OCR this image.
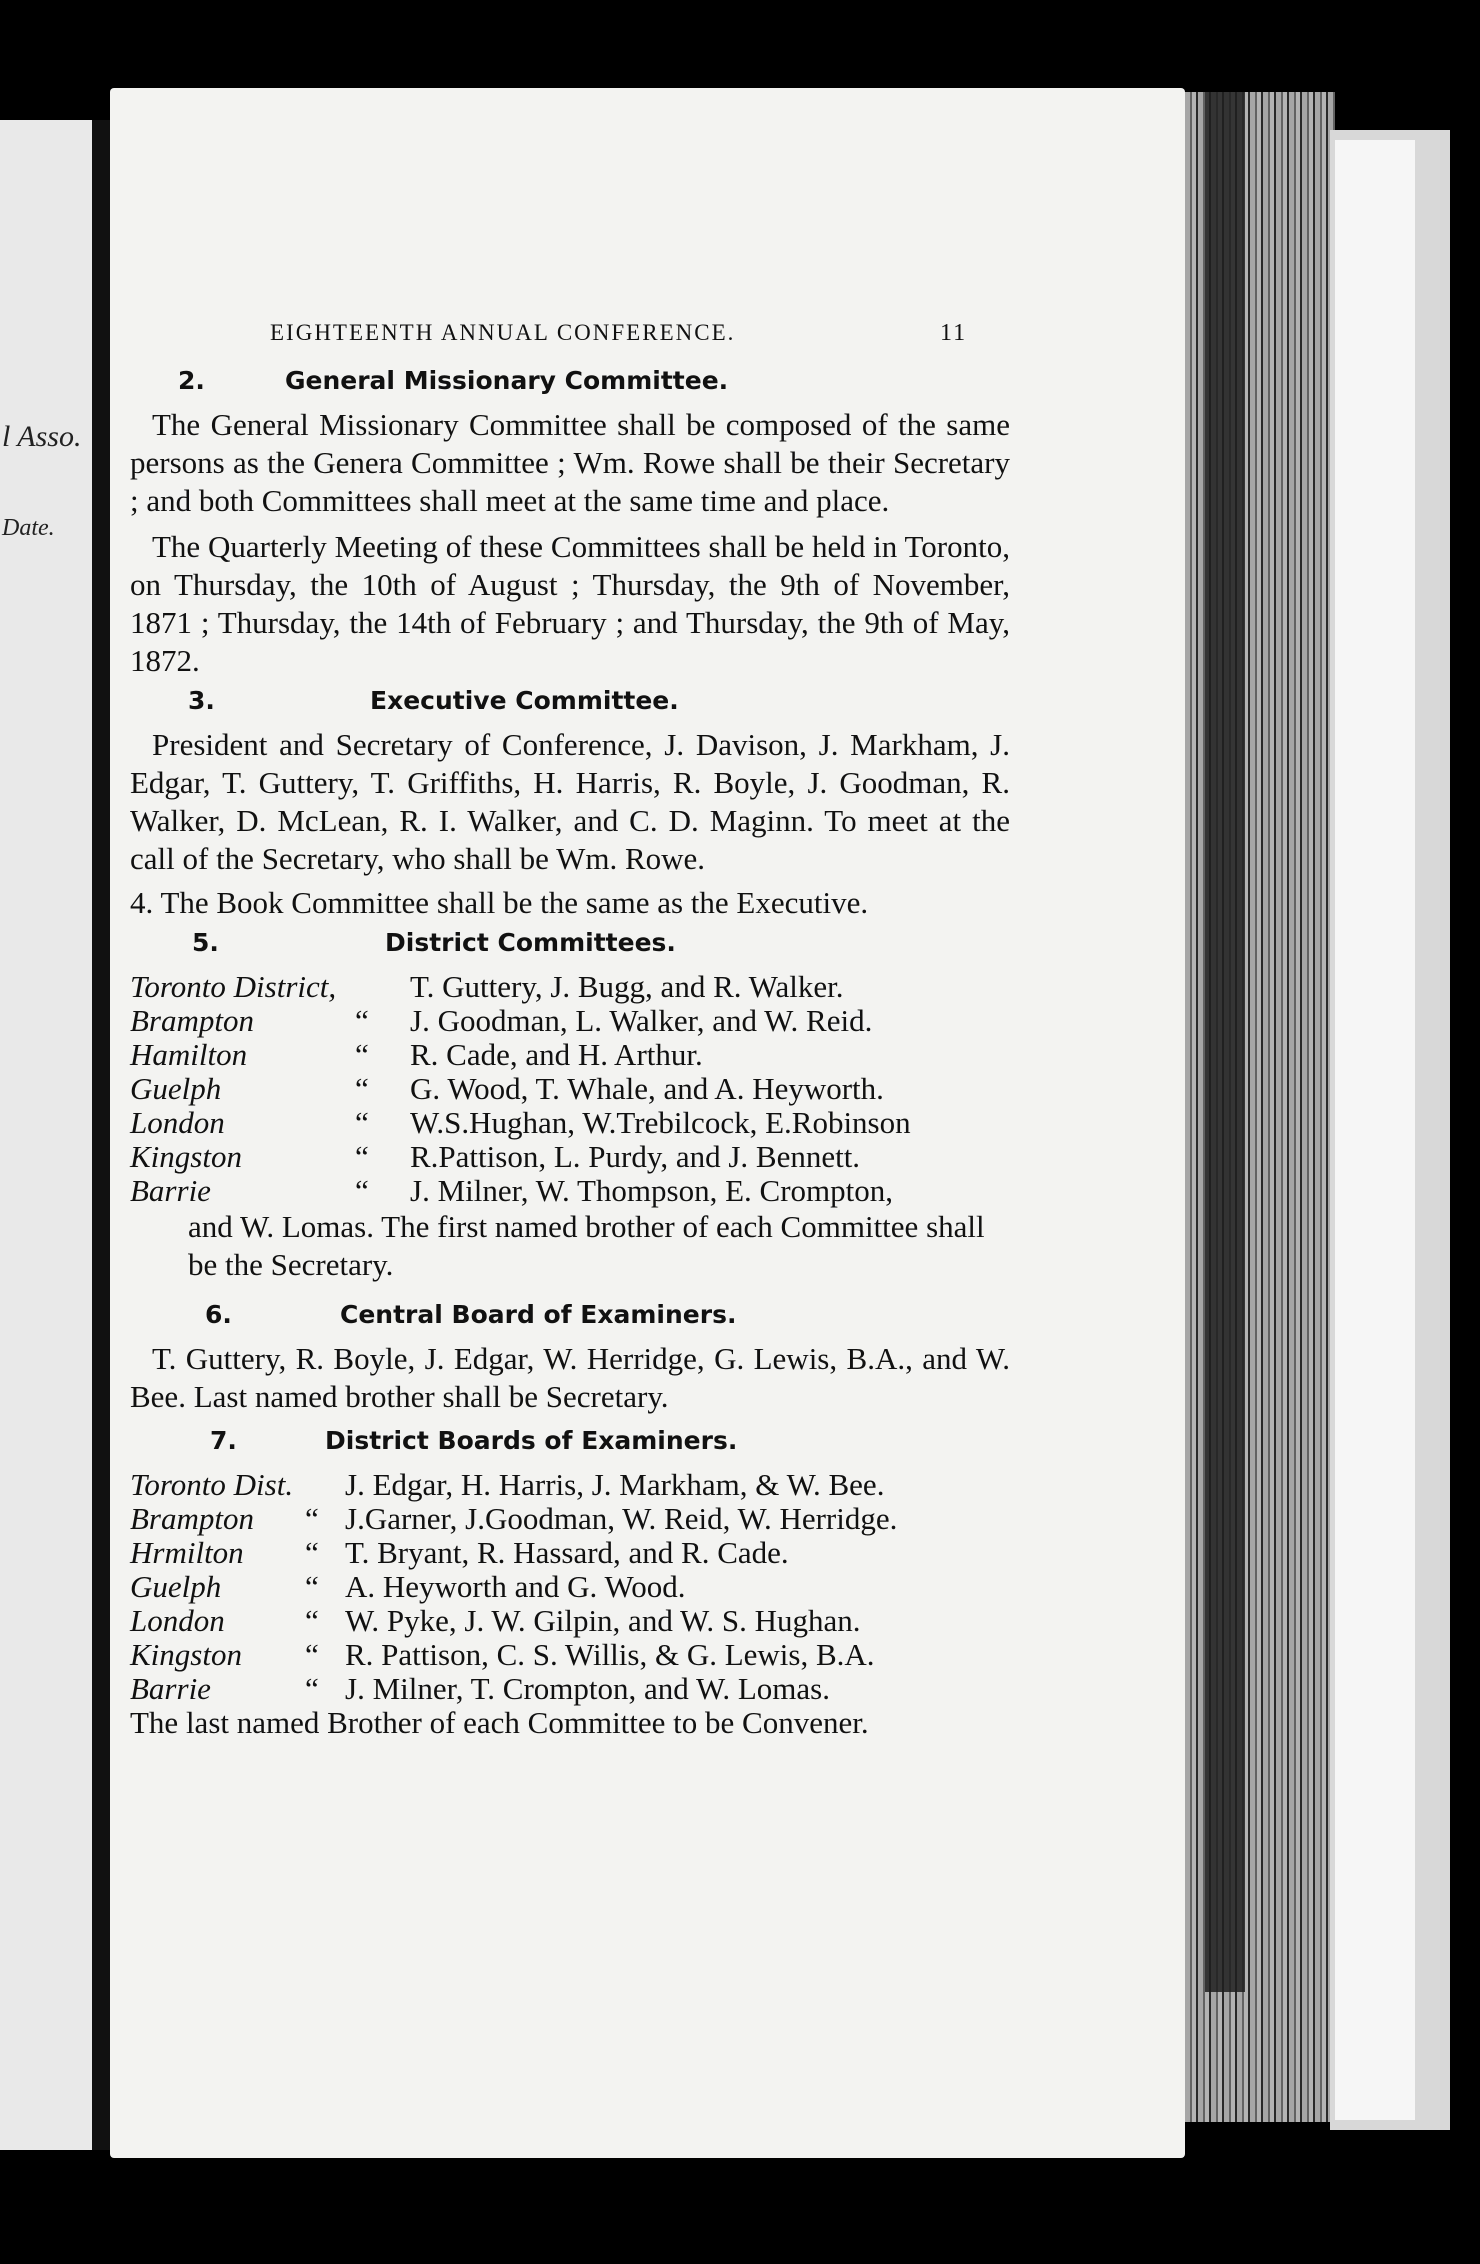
l Asso.
Date.
EIGHTEENTH ANNUAL CONFERENCE.	11
2.	General Missionary Committee.

The General Missionary Committee shall be composed of the same persons as the Genera Committee ; Wm. Rowe shall be their Secretary ; and both Committees shall meet at the same time and place.

The Quarterly Meeting of these Committees shall be held in Toronto, on Thursday, the 10th of August ; Thursday, the 9th of November, 1871 ; Thursday, the 14th of February ; and Thursday, the 9th of May, 1872.

3.	Executive Committee.

President and Secretary of Conference, J. Davison, J. Markham, J. Edgar, T. Guttery, T. Griffiths, H. Harris, R. Boyle, J. Goodman, R. Walker, D. McLean, R. I. Walker, and C. D. Maginn. To meet at the call of the Secretary, who shall be Wm. Rowe.

4. The Book Committee shall be the same as the Executive.

5.	District Committees.
Toronto District,	T. Guttery, J. Bugg, and R. Walker.
Brampton	“	J. Goodman, L. Walker, and W. Reid.
Hamilton	“	R. Cade, and H. Arthur.
Guelph	“	G. Wood, T. Whale, and A. Heyworth.
London	“	W.S.Hughan, W.Trebilcock, E.Robinson
Kingston	“	R.Pattison, L. Purdy, and J. Bennett.
Barrie	“	J. Milner, W. Thompson, E. Crompton,
and W. Lomas. The first named brother of each Committee shall be the Secretary.
6.	Central Board of Examiners.

T. Guttery, R. Boyle, J. Edgar, W. Herridge, G. Lewis, B.A., and W. Bee. Last named brother shall be Secretary.

7.	District Boards of Examiners.
Toronto Dist.	J. Edgar, H. Harris, J. Markham, & W. Bee.
Brampton	“ J.Garner, J.Goodman, W. Reid, W. Herridge.
Hrmilton	“ T. Bryant, R. Hassard, and R. Cade.
Guelph	“ A. Heyworth and G. Wood.
London	“ W. Pyke, J. W. Gilpin, and W. S. Hughan.
Kingston	“ R. Pattison, C. S. Willis, & G. Lewis, B.A.
Barrie	“ J. Milner, T. Crompton, and W. Lomas.
The last named Brother of each Committee to be Convener.
